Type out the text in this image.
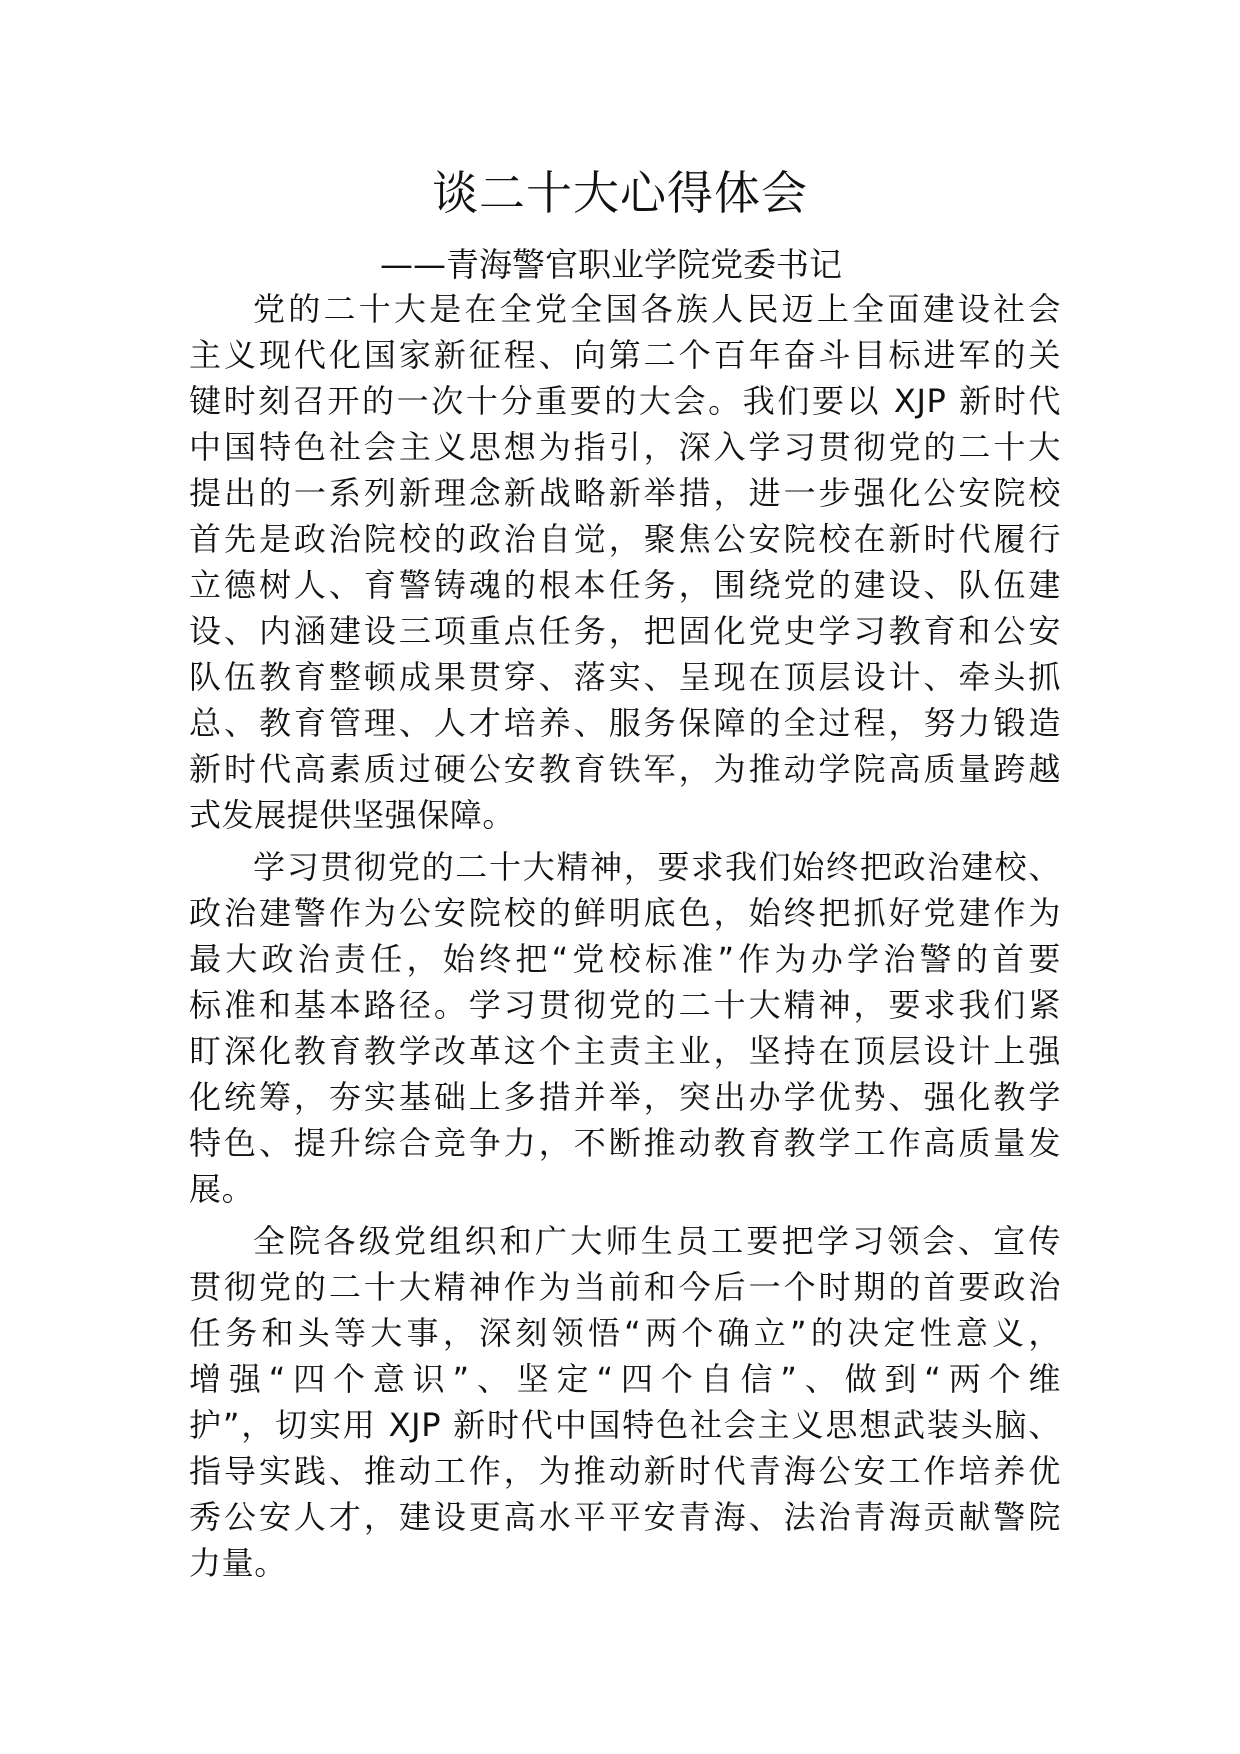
谈二十大心得体会
——青海警官职业学院党委书记
党的二十大是在全党全国各族人民迈上全面建设社会
主义现代化国家新征程、向第二个百年奋斗目标进军的关
键时刻召开的一次十分重要的大会。我们要以 XJP 新时代
中国特色社会主义思想为指引，深入学习贯彻党的二十大
提出的一系列新理念新战略新举措，进一步强化公安院校
首先是政治院校的政治自觉，聚焦公安院校在新时代履行
立德树人、育警铸魂的根本任务，围绕党的建设、队伍建
设、内涵建设三项重点任务，把固化党史学习教育和公安
队伍教育整顿成果贯穿、落实、呈现在顶层设计、牵头抓
总、教育管理、人才培养、服务保障的全过程，努力锻造
新时代高素质过硬公安教育铁军，为推动学院高质量跨越
式发展提供坚强保障。
学习贯彻党的二十大精神，要求我们始终把政治建校、
政治建警作为公安院校的鲜明底色，始终把抓好党建作为
最大政治责任，始终把“党校标准”作为办学治警的首要
标准和基本路径。学习贯彻党的二十大精神，要求我们紧
盯深化教育教学改革这个主责主业，坚持在顶层设计上强
化统筹，夯实基础上多措并举，突出办学优势、强化教学
特色、提升综合竞争力，不断推动教育教学工作高质量发
展。
全院各级党组织和广大师生员工要把学习领会、宣传
贯彻党的二十大精神作为当前和今后一个时期的首要政治
任务和头等大事，深刻领悟“两个确立”的决定性意义，
增强“四个意识”、坚定“四个自信”、做到“两个维
护”，切实用 XJP 新时代中国特色社会主义思想武装头脑、
指导实践、推动工作，为推动新时代青海公安工作培养优
秀公安人才，建设更高水平平安青海、法治青海贡献警院
力量。
